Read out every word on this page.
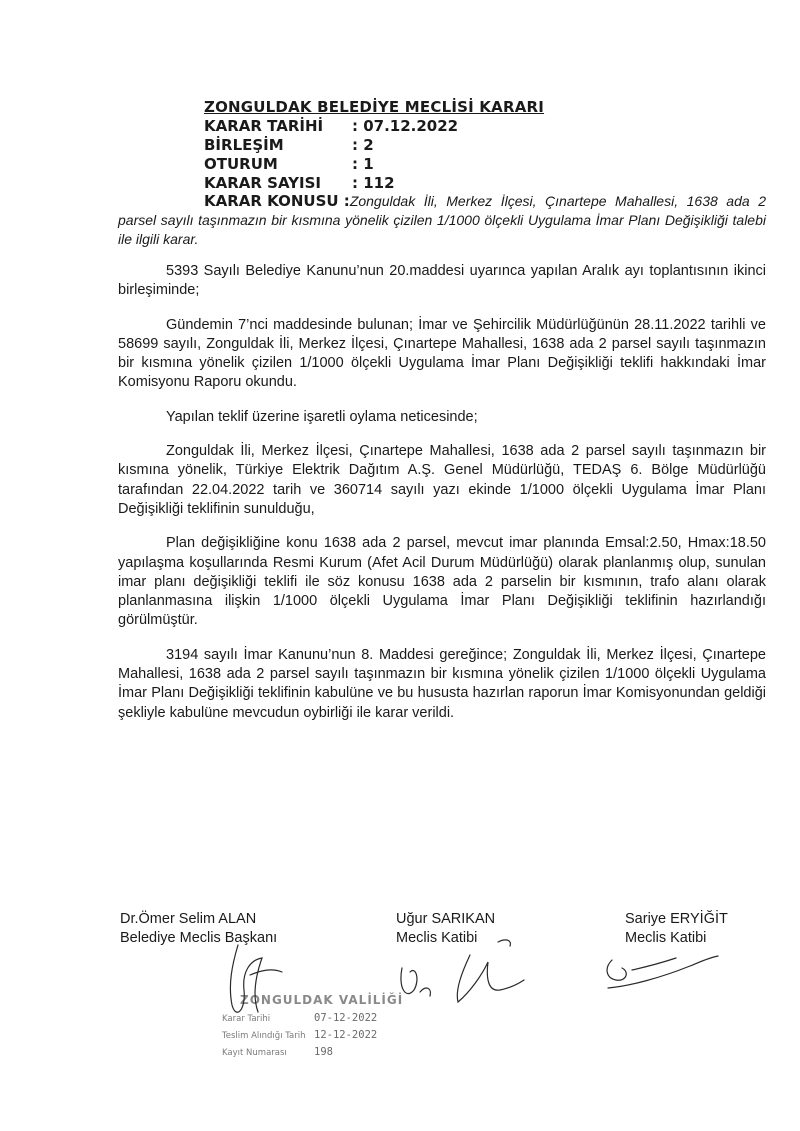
ZONGULDAK BELEDİYE MECLİSİ KARARI
KARAR TARİHİ : 07.12.2022
BİRLEŞİM	: 2
OTURUM	: 1
KARAR SAYISI : 112
KARAR KONUSU :Zonguldak İli, Merkez İlçesi, Çınartepe Mahallesi, 1638 ada 2 parsel sayılı taşınmazın bir kısmına yönelik çizilen 1/1000 ölçekli Uygulama İmar Planı Değişikliği talebi ile ilgili karar.

5393 Sayılı Belediye Kanunu’nun 20.maddesi uyarınca yapılan Aralık ayı toplantısının ikinci birleşiminde;

Gündemin 7’nci maddesinde bulunan; İmar ve Şehircilik Müdürlüğünün 28.11.2022 tarihli ve 58699 sayılı, Zonguldak İli, Merkez İlçesi, Çınartepe Mahallesi, 1638 ada 2 parsel sayılı taşınmazın bir kısmına yönelik çizilen 1/1000 ölçekli Uygulama İmar Planı Değişikliği teklifi hakkındaki İmar Komisyonu Raporu okundu.

Yapılan teklif üzerine işaretli oylama neticesinde;

Zonguldak İli, Merkez İlçesi, Çınartepe Mahallesi, 1638 ada 2 parsel sayılı taşınmazın bir kısmına yönelik, Türkiye Elektrik Dağıtım A.Ş. Genel Müdürlüğü, TEDAŞ 6. Bölge Müdürlüğü tarafından 22.04.2022 tarih ve 360714 sayılı yazı ekinde 1/1000 ölçekli Uygulama İmar Planı Değişikliği teklifinin sunulduğu,

Plan değişikliğine konu 1638 ada 2 parsel, mevcut imar planında Emsal:2.50, Hmax:18.50 yapılaşma koşullarında Resmi Kurum (Afet Acil Durum Müdürlüğü) olarak planlanmış olup, sunulan imar planı değişikliği teklifi ile söz konusu 1638 ada 2 parselin bir kısmının, trafo alanı olarak planlanmasına ilişkin 1/1000 ölçekli Uygulama İmar Planı Değişikliği teklifinin hazırlandığı görülmüştür.

3194 sayılı İmar Kanunu’nun 8. Maddesi gereğince; Zonguldak İli, Merkez İlçesi, Çınartepe Mahallesi, 1638 ada 2 parsel sayılı taşınmazın bir kısmına yönelik çizilen 1/1000 ölçekli Uygulama İmar Planı Değişikliği teklifinin kabulüne ve bu hususta hazırlan raporun İmar Komisyonundan geldiği şekliyle kabulüne mevcudun oybirliği ile karar verildi.

Dr.Ömer Selim ALAN
Belediye Meclis Başkanı
Uğur SARIKAN
Meclis Katibi
Sariye ERYİĞİT
Meclis Katibi
ZONGULDAK VALİLİĞİ
Karar Tarihi	07-12-2022
Teslim Alındığı Tarih 12-12-2022
Kayıt Numarası	198
